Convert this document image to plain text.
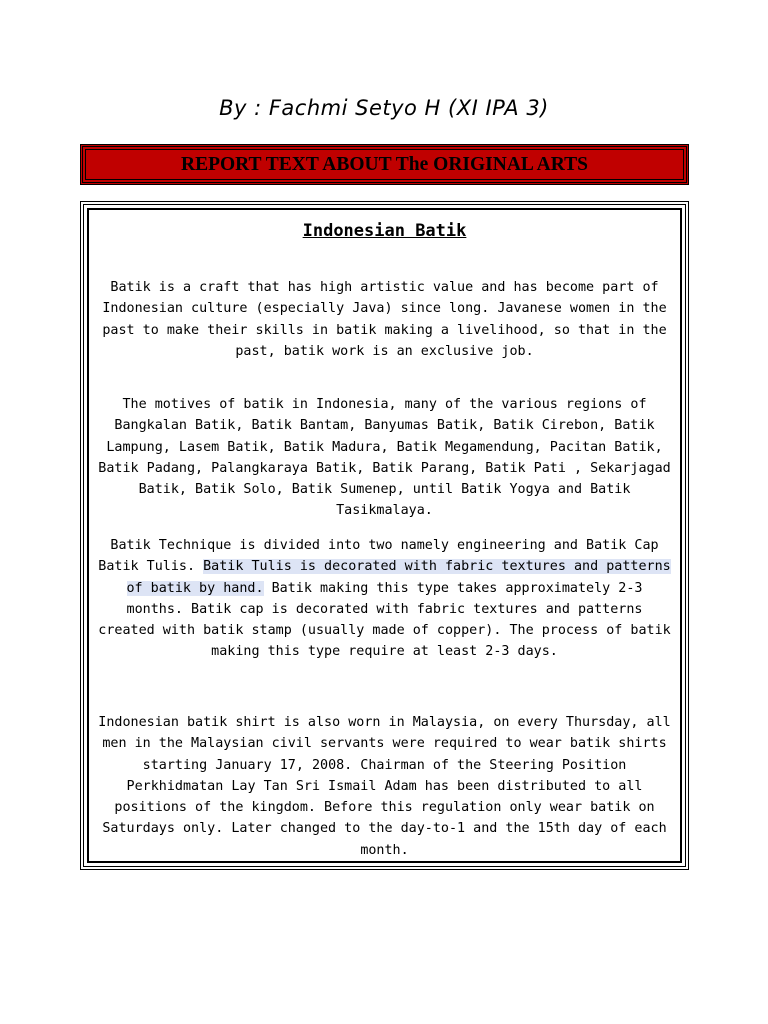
By : Fachmi Setyo H (XI IPA 3)
REPORT TEXT ABOUT The ORIGINAL ARTS
Indonesian Batik

Batik is a craft that has high artistic value and has become part of Indonesian culture (especially Java) since long. Javanese women in the past to make their skills in batik making a livelihood, so that in the past, batik work is an exclusive job.

The motives of batik in Indonesia, many of the various regions of Bangkalan Batik, Batik Bantam, Banyumas Batik, Batik Cirebon, Batik Lampung, Lasem Batik, Batik Madura, Batik Megamendung, Pacitan Batik, Batik Padang, Palangkaraya Batik, Batik Parang, Batik Pati , Sekarjagad Batik, Batik Solo, Batik Sumenep, until Batik Yogya and Batik Tasikmalaya.

Batik Technique is divided into two namely engineering and Batik Cap Batik Tulis. Batik Tulis is decorated with fabric textures and patterns of batik by hand. Batik making this type takes approximately 2-3 months. Batik cap is decorated with fabric textures and patterns created with batik stamp (usually made of copper). The process of batik making this type require at least 2-3 days.

Indonesian batik shirt is also worn in Malaysia, on every Thursday, all men in the Malaysian civil servants were required to wear batik shirts starting January 17, 2008. Chairman of the Steering Position Perkhidmatan Lay Tan Sri Ismail Adam has been distributed to all positions of the kingdom. Before this regulation only wear batik on Saturdays only. Later changed to the day-to-1 and the 15th day of each month.
